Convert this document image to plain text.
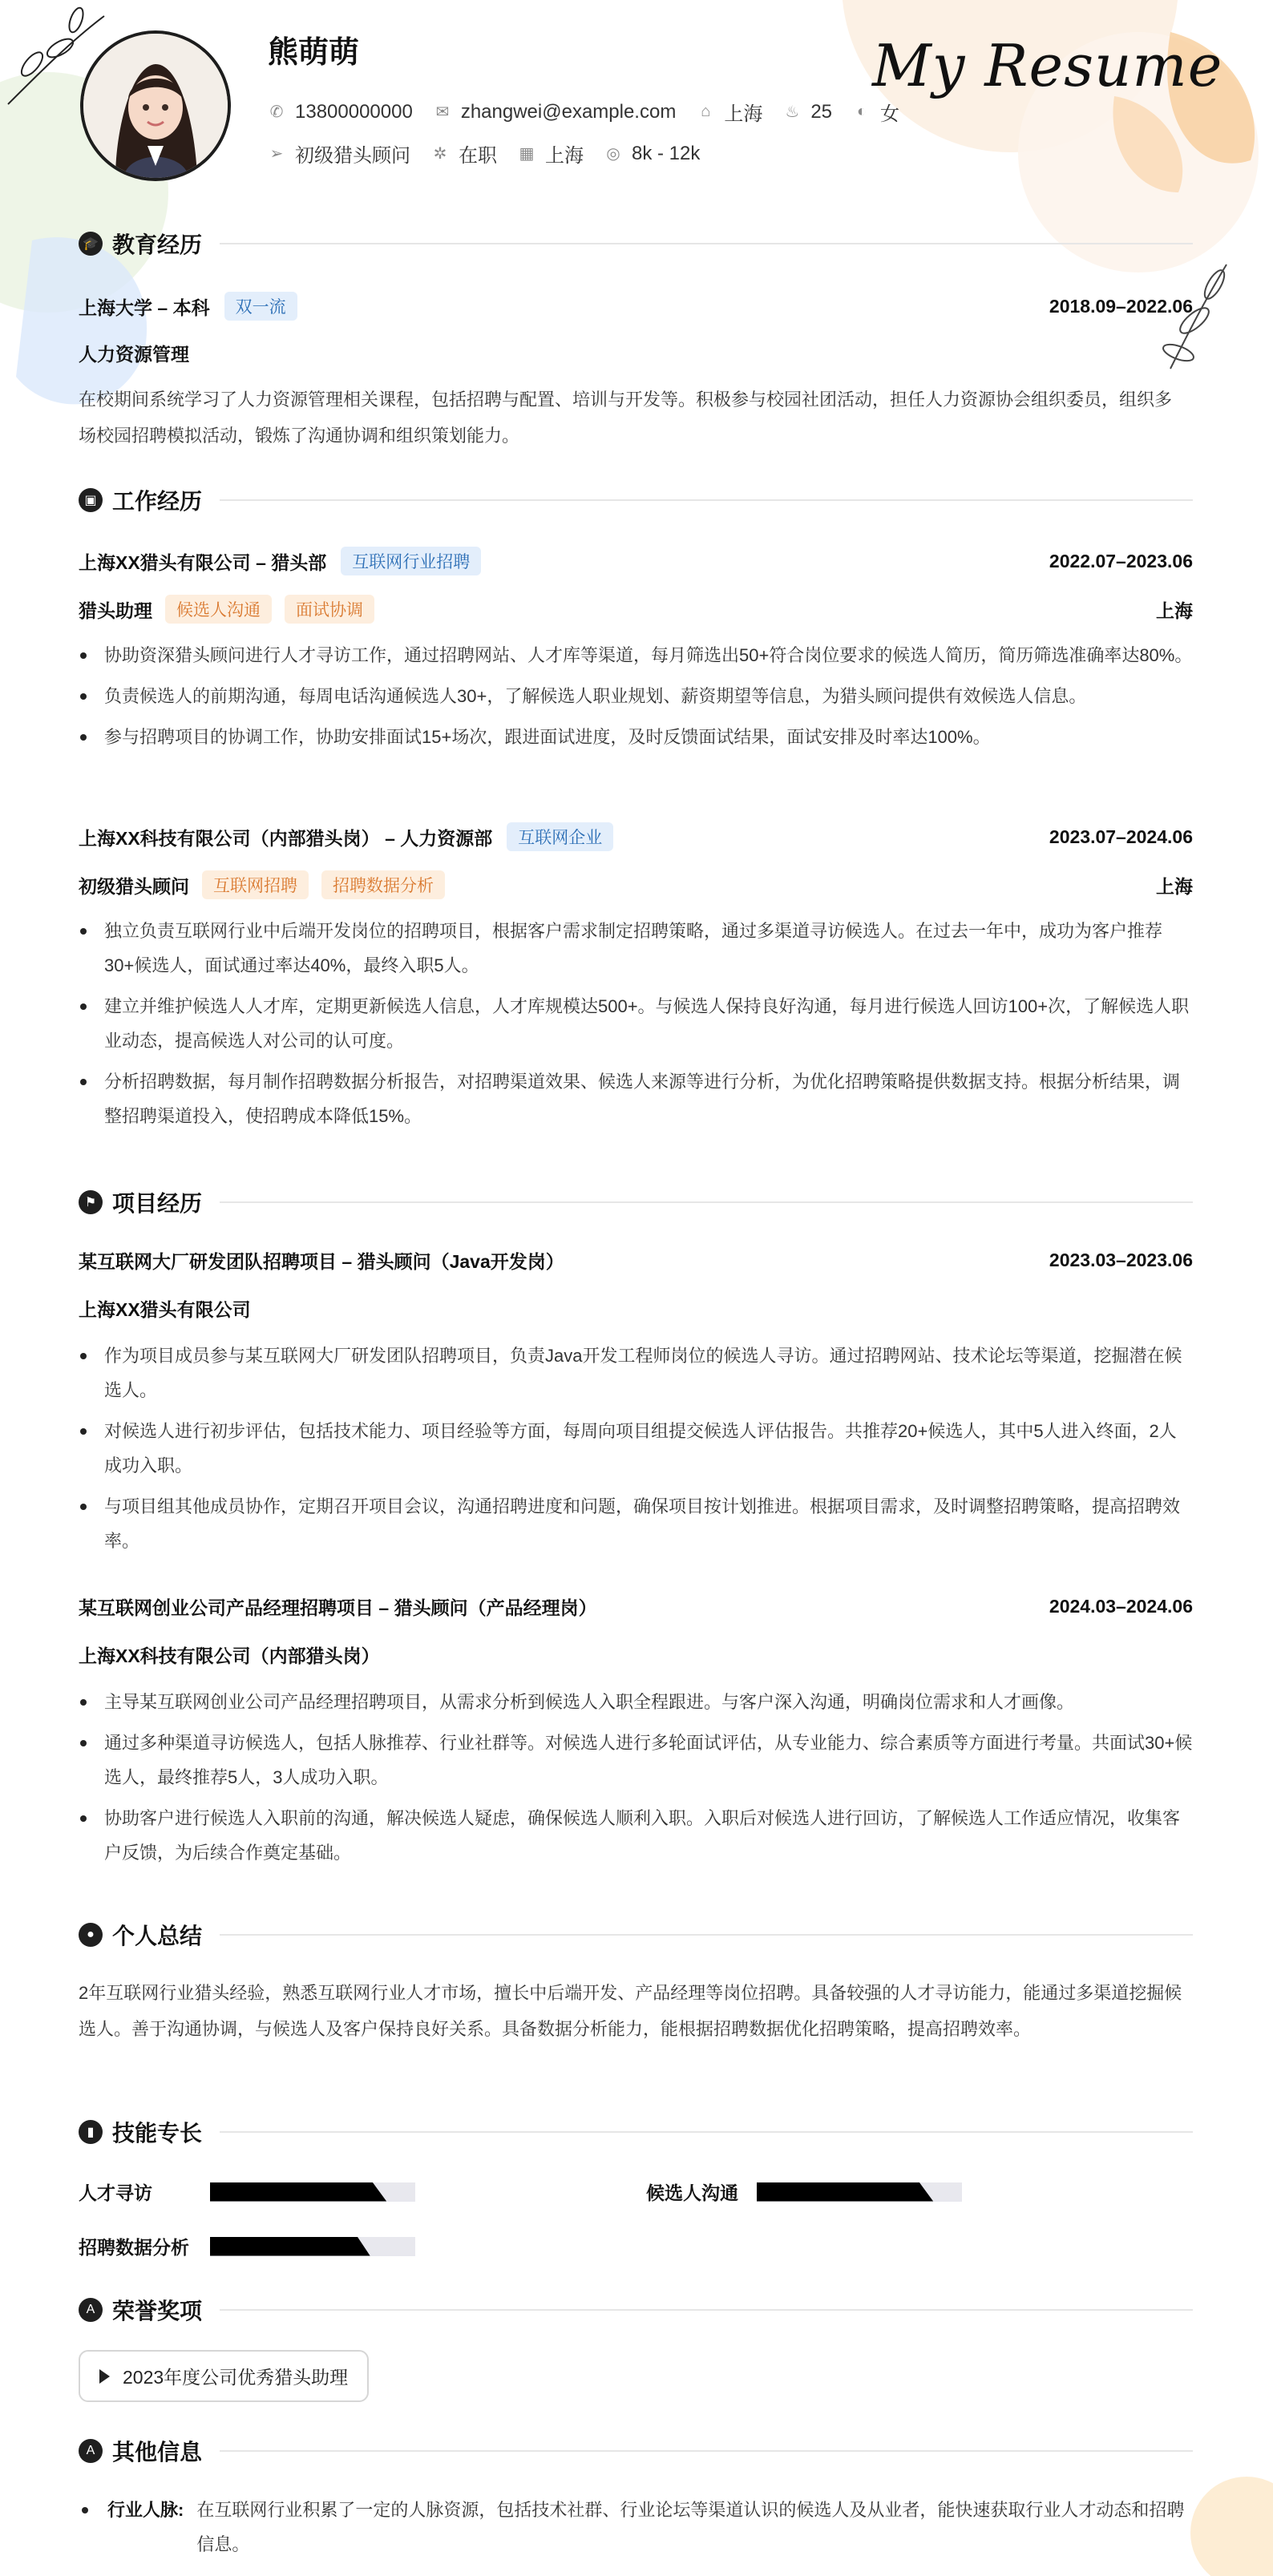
熊萌萌	My Resume
✆ 13800000000 ✉ zhangwei@example.com ⌂ 上海 ♨ 25 ◐ 女
➢ 初级猎头顾问 ✲ 在职 ▦ 上海 ◎ 8k - 12k
🎓 教育经历
上海大学 – 本科	双一流	2018.09–2022.06
人力资源管理
在校期间系统学习了人力资源管理相关课程，包括招聘与配置、培训与开发等。积极参与校园社团活动，担任人力资源协会组织委员，组织多场校园招聘模拟活动，锻炼了沟通协调和组织策划能力。
▣ 工作经历
上海XX猎头有限公司 – 猎头部	互联网行业招聘	2022.07–2023.06
猎头助理	候选人沟通	面试协调	上海
协助资深猎头顾问进行人才寻访工作，通过招聘网站、人才库等渠道，每月筛选出50+符合岗位要求的候选人简历，简历筛选准确率达80%。
负责候选人的前期沟通，每周电话沟通候选人30+，了解候选人职业规划、薪资期望等信息，为猎头顾问提供有效候选人信息。
参与招聘项目的协调工作，协助安排面试15+场次，跟进面试进度，及时反馈面试结果，面试安排及时率达100%。
上海XX科技有限公司（内部猎头岗） – 人力资源部	互联网企业	2023.07–2024.06
初级猎头顾问	互联网招聘	招聘数据分析	上海
独立负责互联网行业中后端开发岗位的招聘项目，根据客户需求制定招聘策略，通过多渠道寻访候选人。在过去一年中，成功为客户推荐30+候选人，面试通过率达40%，最终入职5人。
建立并维护候选人人才库，定期更新候选人信息，人才库规模达500+。与候选人保持良好沟通，每月进行候选人回访100+次，了解候选人职业动态，提高候选人对公司的认可度。
分析招聘数据，每月制作招聘数据分析报告，对招聘渠道效果、候选人来源等进行分析，为优化招聘策略提供数据支持。根据分析结果，调整招聘渠道投入，使招聘成本降低15%。
⚑ 项目经历
某互联网大厂研发团队招聘项目 – 猎头顾问（Java开发岗）	2023.03–2023.06
上海XX猎头有限公司
作为项目成员参与某互联网大厂研发团队招聘项目，负责Java开发工程师岗位的候选人寻访。通过招聘网站、技术论坛等渠道，挖掘潜在候选人。
对候选人进行初步评估，包括技术能力、项目经验等方面，每周向项目组提交候选人评估报告。共推荐20+候选人，其中5人进入终面，2人成功入职。
与项目组其他成员协作，定期召开项目会议，沟通招聘进度和问题，确保项目按计划推进。根据项目需求，及时调整招聘策略，提高招聘效率。
某互联网创业公司产品经理招聘项目 – 猎头顾问（产品经理岗）	2024.03–2024.06
上海XX科技有限公司（内部猎头岗）
主导某互联网创业公司产品经理招聘项目，从需求分析到候选人入职全程跟进。与客户深入沟通，明确岗位需求和人才画像。
通过多种渠道寻访候选人，包括人脉推荐、行业社群等。对候选人进行多轮面试评估，从专业能力、综合素质等方面进行考量。共面试30+候选人，最终推荐5人，3人成功入职。
协助客户进行候选人入职前的沟通，解决候选人疑虑，确保候选人顺利入职。入职后对候选人进行回访，了解候选人工作适应情况，收集客户反馈，为后续合作奠定基础。
● 个人总结
2年互联网行业猎头经验，熟悉互联网行业人才市场，擅长中后端开发、产品经理等岗位招聘。具备较强的人才寻访能力，能通过多渠道挖掘候选人。善于沟通协调，与候选人及客户保持良好关系。具备数据分析能力，能根据招聘数据优化招聘策略，提高招聘效率。
▮ 技能专长
人才寻访	候选人沟通
招聘数据分析
A 荣誉奖项
2023年度公司优秀猎头助理
A 其他信息
行业人脉: 在互联网行业积累了一定的人脉资源，包括技术社群、行业论坛等渠道认识的候选人及从业者，能快速获取行业人才动态和招聘信息。
